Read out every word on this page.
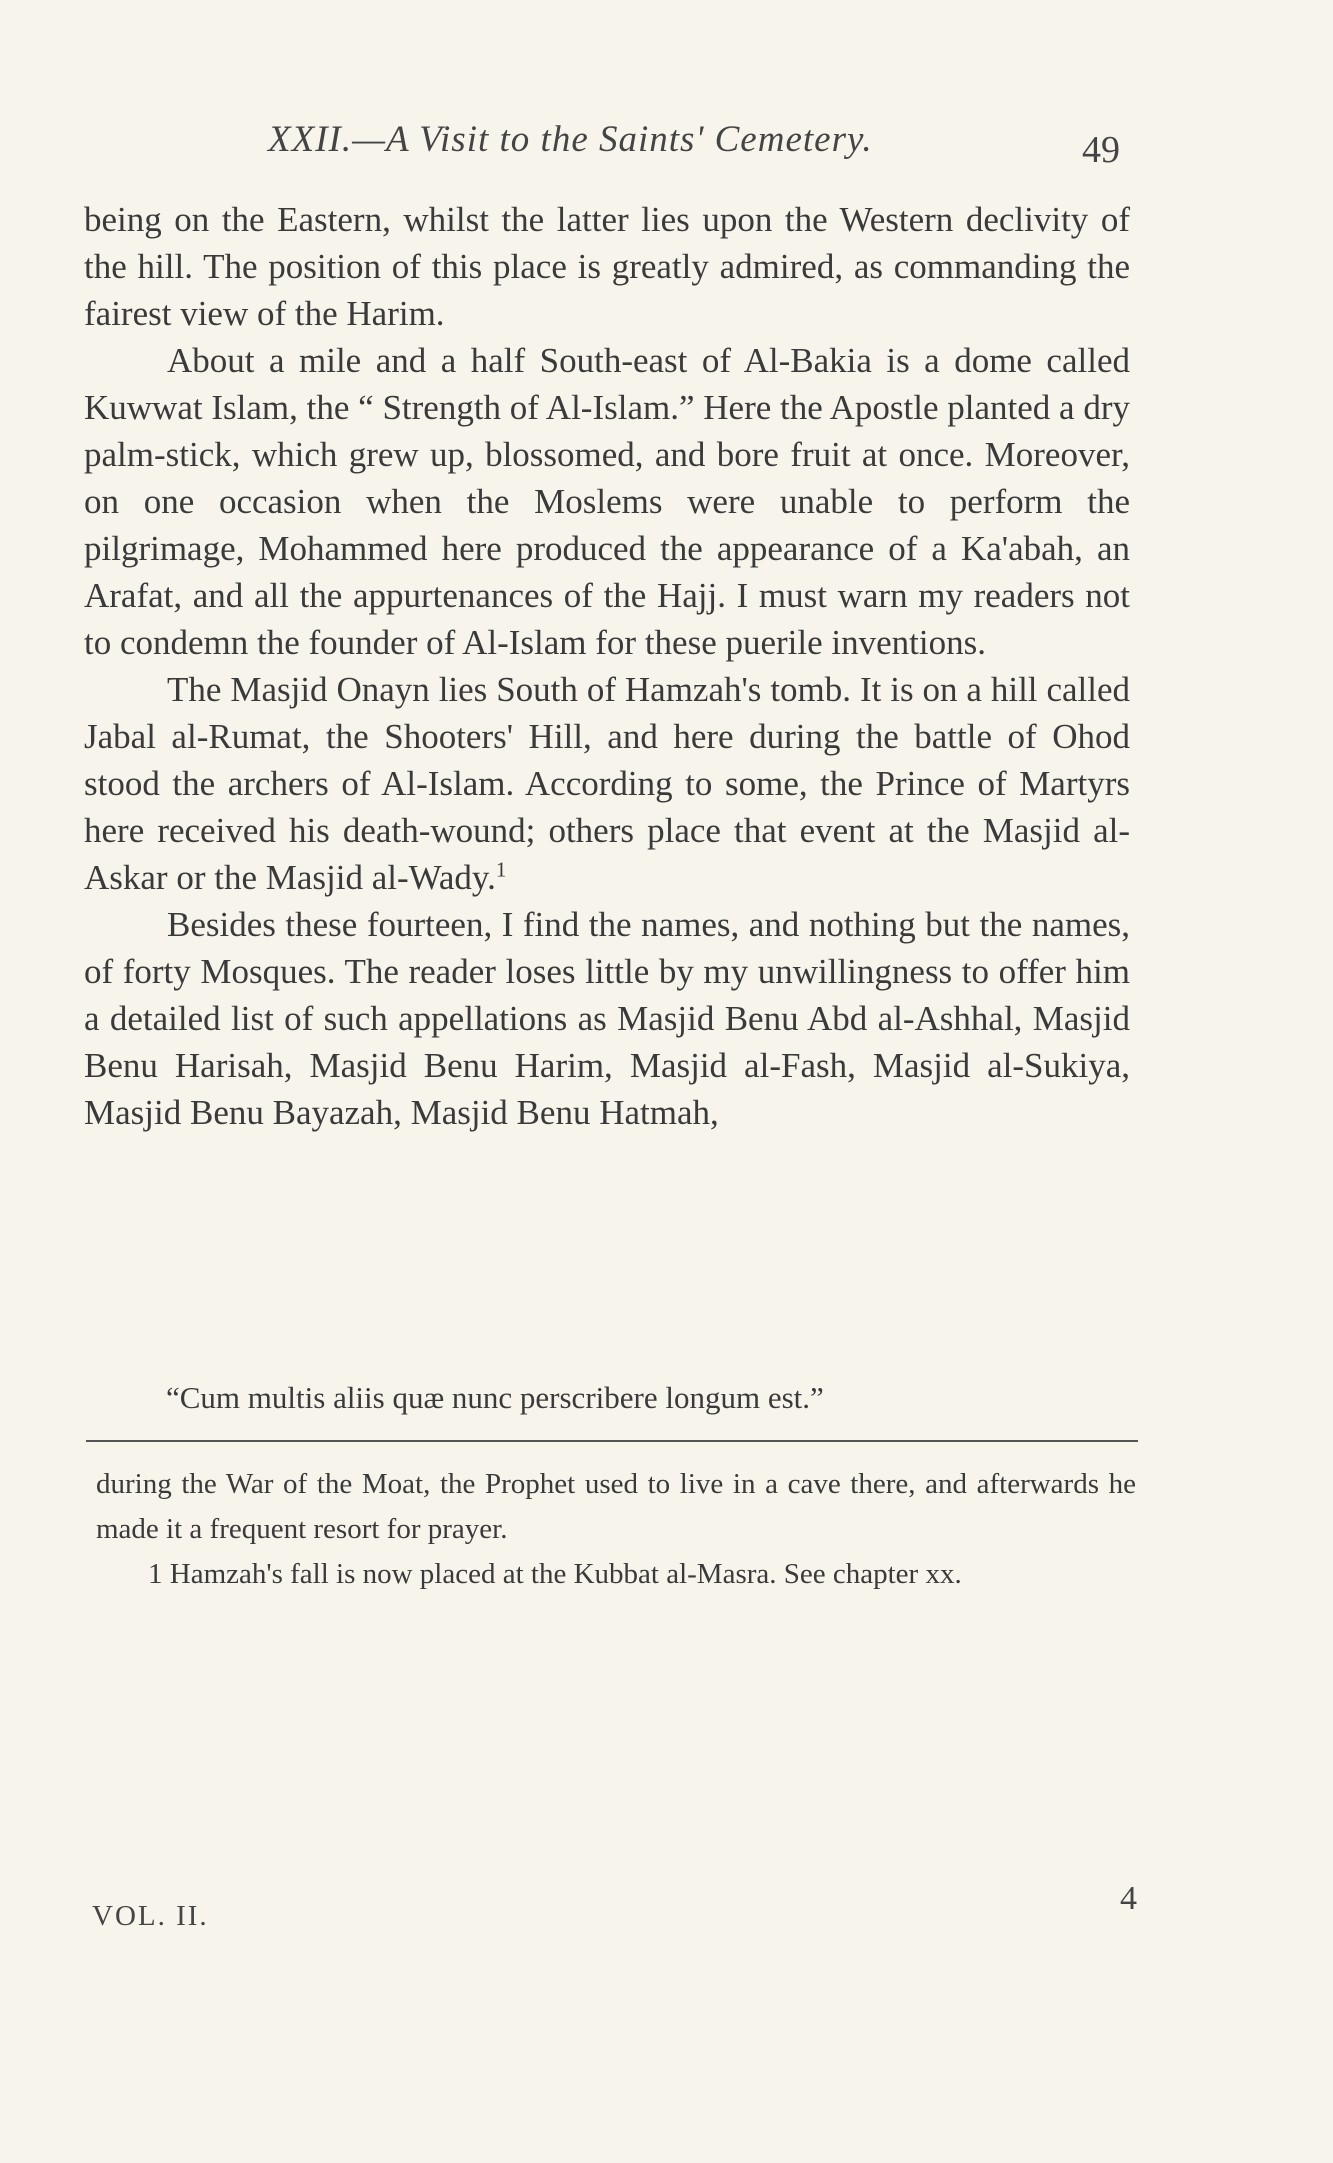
XXII.—A Visit to the Saints' Cemetery.	49

being on the Eastern, whilst the latter lies upon the Western declivity of the hill. The position of this place is greatly admired, as commanding the fairest view of the Harim.

About a mile and a half South-east of Al-Bakia is a dome called Kuwwat Islam, the “ Strength of Al-Islam.” Here the Apostle planted a dry palm-stick, which grew up, blossomed, and bore fruit at once. Moreover, on one occasion when the Moslems were unable to perform the pilgrimage, Mohammed here produced the appearance of a Ka'abah, an Arafat, and all the appurtenances of the Hajj. I must warn my readers not to condemn the founder of Al-Islam for these puerile inventions.

The Masjid Onayn lies South of Hamzah's tomb. It is on a hill called Jabal al-Rumat, the Shooters' Hill, and here during the battle of Ohod stood the archers of Al-Islam. According to some, the Prince of Martyrs here received his death-wound; others place that event at the Masjid al-Askar or the Masjid al-Wady.$^1$

Besides these fourteen, I find the names, and nothing but the names, of forty Mosques. The reader loses little by my unwillingness to offer him a detailed list of such appellations as Masjid Benu Abd al-Ashhal, Masjid Benu Harisah, Masjid Benu Harim, Masjid al-Fash, Masjid al-Sukiya, Masjid Benu Bayazah, Masjid Benu Hatmah,

“Cum multis aliis quæ nunc perscribere longum est.”

during the War of the Moat, the Prophet used to live in a cave there, and afterwards he made it a frequent resort for prayer.

1 Hamzah's fall is now placed at the Kubbat al-Masra. See chapter xx.

VOL. II.	4
